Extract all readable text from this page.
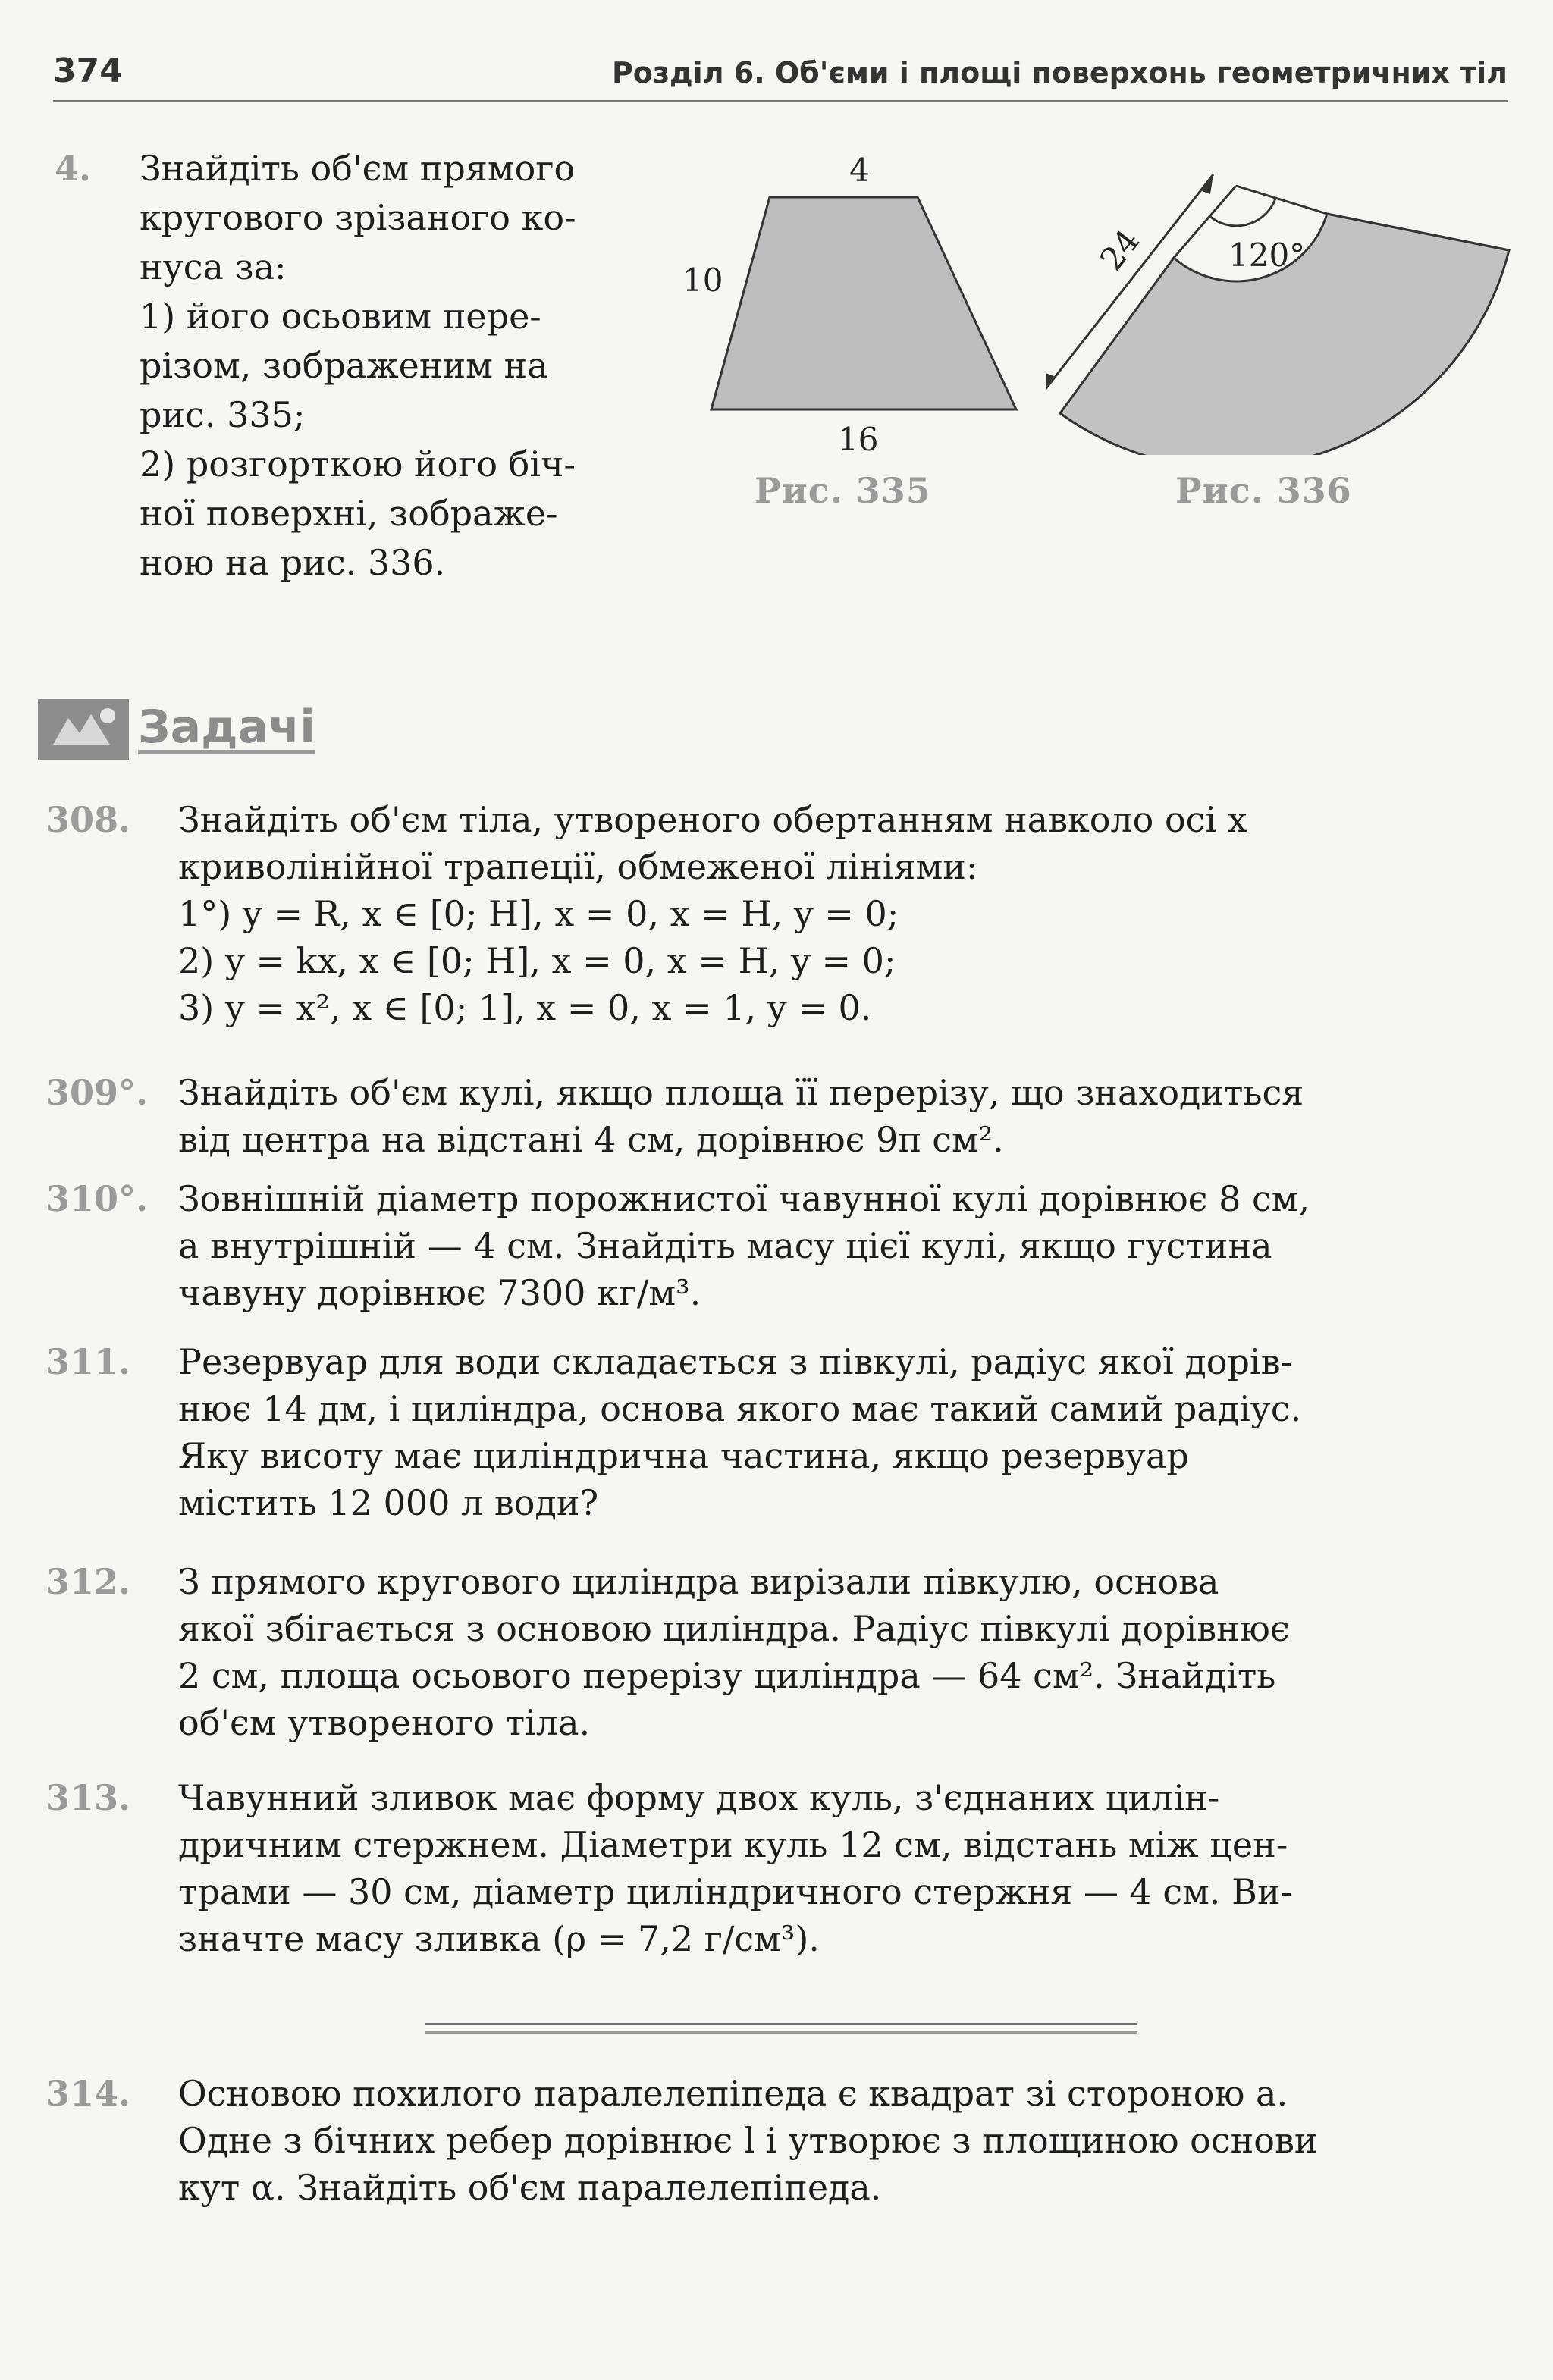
374	Розділ 6. Об'єми і площі поверхонь геометричних тіл
4. Знайдіть об'єм прямого
кругового зрізаного ко-
нуса за:
1) його осьовим пере-
різом, зображеним на
рис. 335;
2) розгорткою його біч-
ної поверхні, зображе-
ною на рис. 336.
4
10
16
Рис. 335
24	120°
Рис. 336
Задачі
308.	Знайдіть об'єм тіла, утвореного обертанням навколо осі x
криволінійної трапеції, обмеженої лініями:
1°) y = R, x ∈ [0; H], x = 0, x = H, y = 0;
2) y = kx, x ∈ [0; H], x = 0, x = H, y = 0;
3) y = x², x ∈ [0; 1], x = 0, x = 1, y = 0.
309°. Знайдіть об'єм кулі, якщо площа її перерізу, що знаходиться
від центра на відстані 4 см, дорівнює 9π см².
310°. Зовнішній діаметр порожнистої чавунної кулі дорівнює 8 см,
а внутрішній — 4 см. Знайдіть масу цієї кулі, якщо густина
чавуну дорівнює 7300 кг/м³.
311.	Резервуар для води складається з півкулі, радіус якої дорів-
нює 14 дм, і циліндра, основа якого має такий самий радіус.
Яку висоту має циліндрична частина, якщо резервуар
містить 12 000 л води?
312.	З прямого кругового циліндра вирізали півкулю, основа
якої збігається з основою циліндра. Радіус півкулі дорівнює
2 см, площа осьового перерізу циліндра — 64 см². Знайдіть
об'єм утвореного тіла.
313.	Чавунний зливок має форму двох куль, з'єднаних цилін-
дричним стержнем. Діаметри куль 12 см, відстань між цен-
трами — 30 см, діаметр циліндричного стержня — 4 см. Ви-
значте масу зливка (ρ = 7,2 г/см³).
314.	Основою похилого паралелепіпеда є квадрат зі стороною a.
Одне з бічних ребер дорівнює l і утворює з площиною основи
кут α. Знайдіть об'єм паралелепіпеда.
